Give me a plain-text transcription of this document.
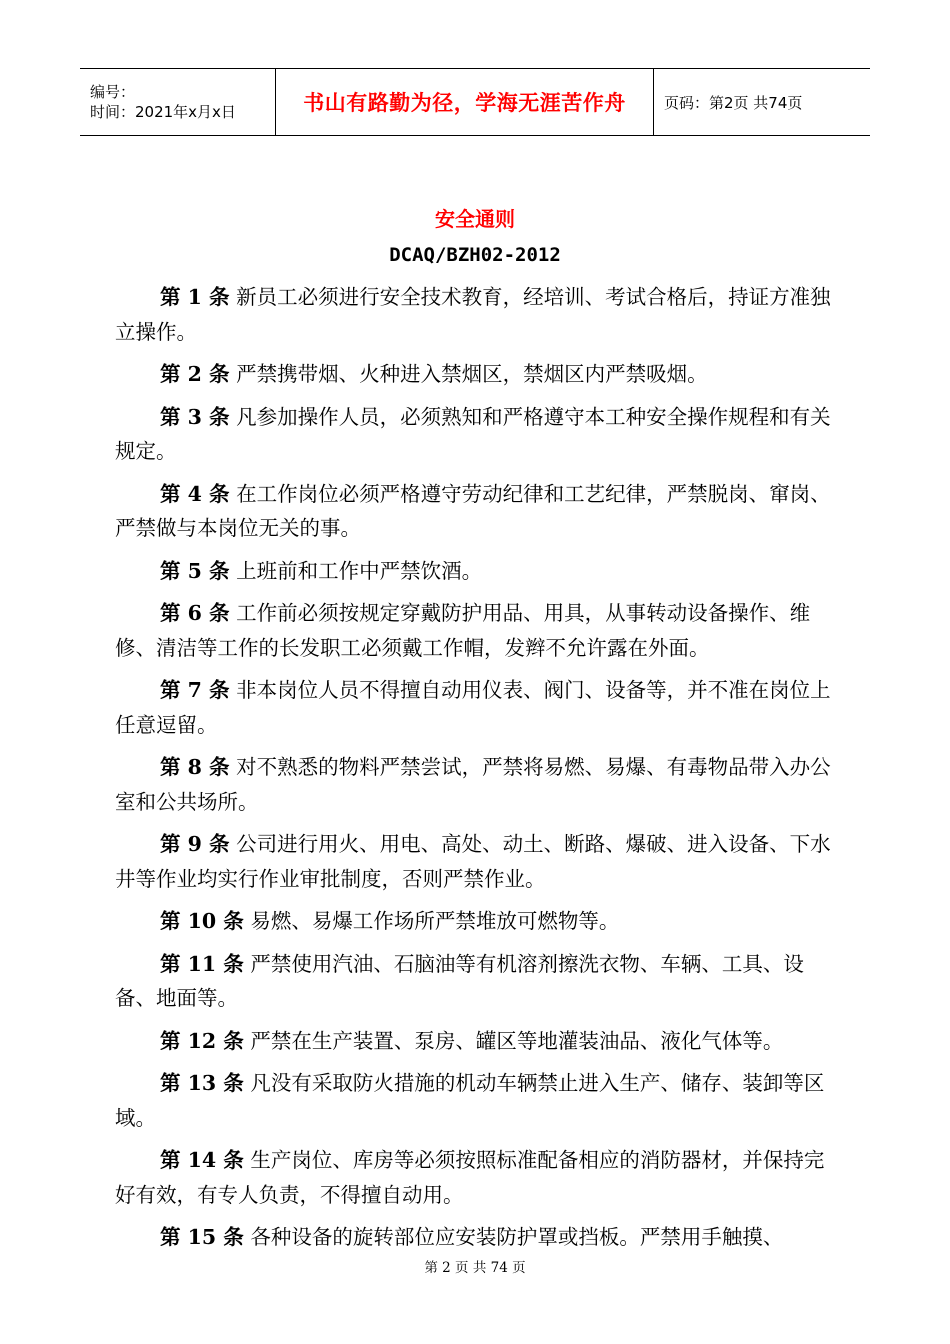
编号：
时间：2021年x月x日	书山有路勤为径，学海无涯苦作舟	页码：第2页 共74页
安全通则
DCAQ/BZH02-2012

第 1 条 新员工必须进行安全技术教育，经培训、考试合格后，持证方准独立操作。

第 2 条 严禁携带烟、火种进入禁烟区，禁烟区内严禁吸烟。

第 3 条 凡参加操作人员，必须熟知和严格遵守本工种安全操作规程和有关规定。

第 4 条 在工作岗位必须严格遵守劳动纪律和工艺纪律，严禁脱岗、窜岗、严禁做与本岗位无关的事。

第 5 条 上班前和工作中严禁饮酒。

第 6 条 工作前必须按规定穿戴防护用品、用具，从事转动设备操作、维修、清洁等工作的长发职工必须戴工作帽，发辫不允许露在外面。

第 7 条 非本岗位人员不得擅自动用仪表、阀门、设备等，并不准在岗位上任意逗留。

第 8 条 对不熟悉的物料严禁尝试，严禁将易燃、易爆、有毒物品带入办公室和公共场所。

第 9 条 公司进行用火、用电、高处、动土、断路、爆破、进入设备、下水井等作业均实行作业审批制度，否则严禁作业。

第 10 条 易燃、易爆工作场所严禁堆放可燃物等。

第 11 条 严禁使用汽油、石脑油等有机溶剂擦洗衣物、车辆、工具、设备、地面等。

第 12 条 严禁在生产装置、泵房、罐区等地灌装油品、液化气体等。

第 13 条 凡没有采取防火措施的机动车辆禁止进入生产、储存、装卸等区域。

第 14 条 生产岗位、库房等必须按照标准配备相应的消防器材，并保持完好有效，有专人负责，不得擅自动用。

第 15 条 各种设备的旋转部位应安装防护罩或挡板。严禁用手触摸、

第 2 页 共 74 页
